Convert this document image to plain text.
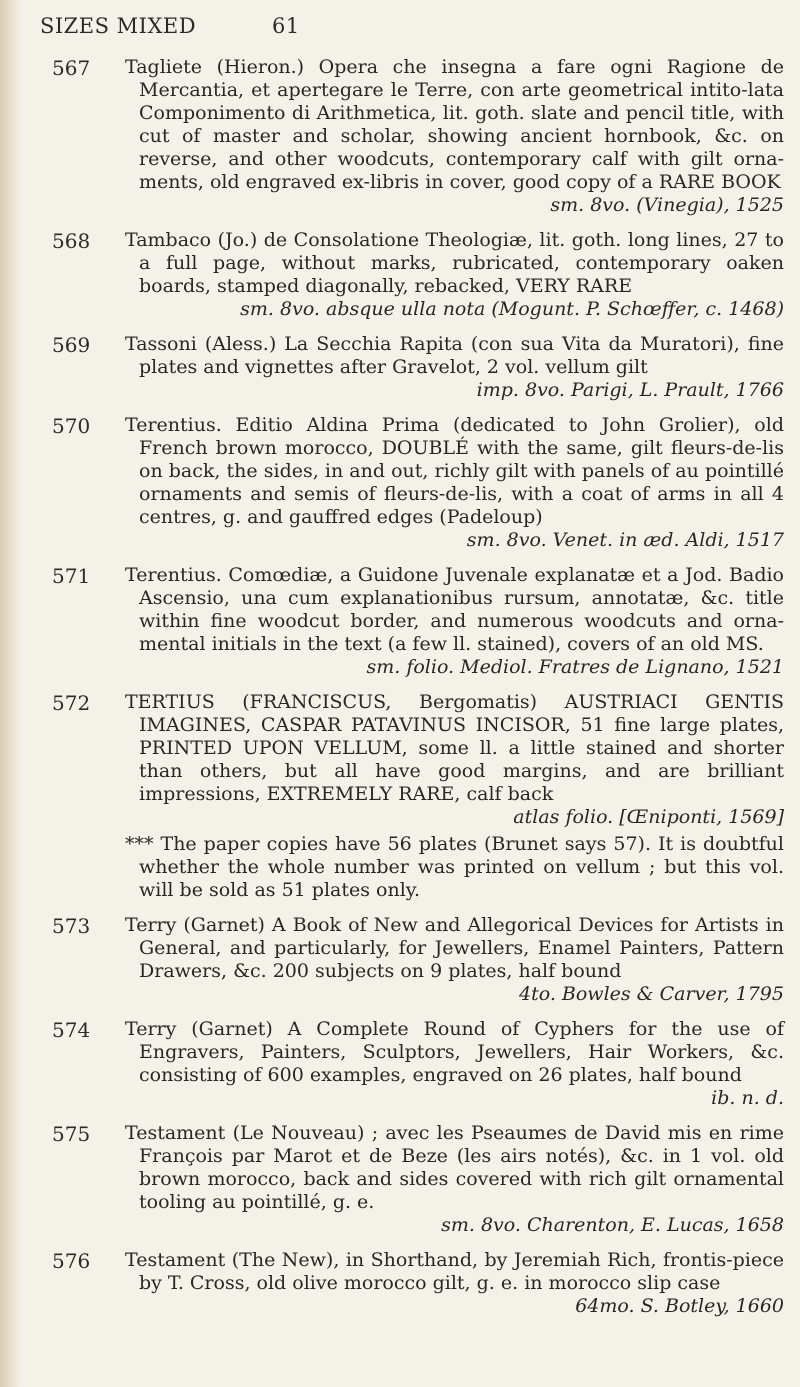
SIZES MIXED	61
567 Tagliete (Hieron.) Opera che insegna a fare ogni Ragione de Mercantia, et apertegare le Terre, con arte geometrical intito-lata Componimento di Arithmetica, lit. goth. slate and pencil title, with cut of master and scholar, showing ancient hornbook, &c. on reverse, and other woodcuts, contemporary calf with gilt orna-ments, old engraved ex-libris in cover, good copy of a RARE BOOK
sm. 8vo. (Vinegia), 1525
568 Tambaco (Jo.) de Consolatione Theologiæ, lit. goth. long lines, 27 to a full page, without marks, rubricated, contemporary oaken boards, stamped diagonally, rebacked, VERY RARE
sm. 8vo. absque ulla nota (Mogunt. P. Schœffer, c. 1468)
569 Tassoni (Aless.) La Secchia Rapita (con sua Vita da Muratori), fine plates and vignettes after Gravelot, 2 vol. vellum gilt
imp. 8vo. Parigi, L. Prault, 1766
570 Terentius. Editio Aldina Prima (dedicated to John Grolier), old French brown morocco, DOUBLÉ with the same, gilt fleurs-de-lis on back, the sides, in and out, richly gilt with panels of au pointillé ornaments and semis of fleurs-de-lis, with a coat of arms in all 4 centres, g. and gauffred edges (Padeloup)
sm. 8vo. Venet. in æd. Aldi, 1517
571 Terentius. Comœdiæ, a Guidone Juvenale explanatæ et a Jod. Badio Ascensio, una cum explanationibus rursum, annotatæ, &c. title within fine woodcut border, and numerous woodcuts and orna-mental initials in the text (a few ll. stained), covers of an old MS.
sm. folio. Mediol. Fratres de Lignano, 1521
572 TERTIUS (FRANCISCUS, Bergomatis) AUSTRIACI GENTIS IMAGINES, CASPAR PATAVINUS INCISOR, 51 fine large plates, PRINTED UPON VELLUM, some ll. a little stained and shorter than others, but all have good margins, and are brilliant impressions, EXTREMELY RARE, calf back
atlas folio. [Œniponti, 1569]
*** The paper copies have 56 plates (Brunet says 57). It is doubtful whether the whole number was printed on vellum ; but this vol. will be sold as 51 plates only.
573 Terry (Garnet) A Book of New and Allegorical Devices for Artists in General, and particularly, for Jewellers, Enamel Painters, Pattern Drawers, &c. 200 subjects on 9 plates, half bound
4to. Bowles & Carver, 1795
574 Terry (Garnet) A Complete Round of Cyphers for the use of Engravers, Painters, Sculptors, Jewellers, Hair Workers, &c. consisting of 600 examples, engraved on 26 plates, half bound
ib. n. d.
575 Testament (Le Nouveau) ; avec les Pseaumes de David mis en rime François par Marot et de Beze (les airs notés), &c. in 1 vol. old brown morocco, back and sides covered with rich gilt ornamental tooling au pointillé, g. e.
sm. 8vo. Charenton, E. Lucas, 1658
576 Testament (The New), in Shorthand, by Jeremiah Rich, frontis-piece by T. Cross, old olive morocco gilt, g. e. in morocco slip case
64mo. S. Botley, 1660
